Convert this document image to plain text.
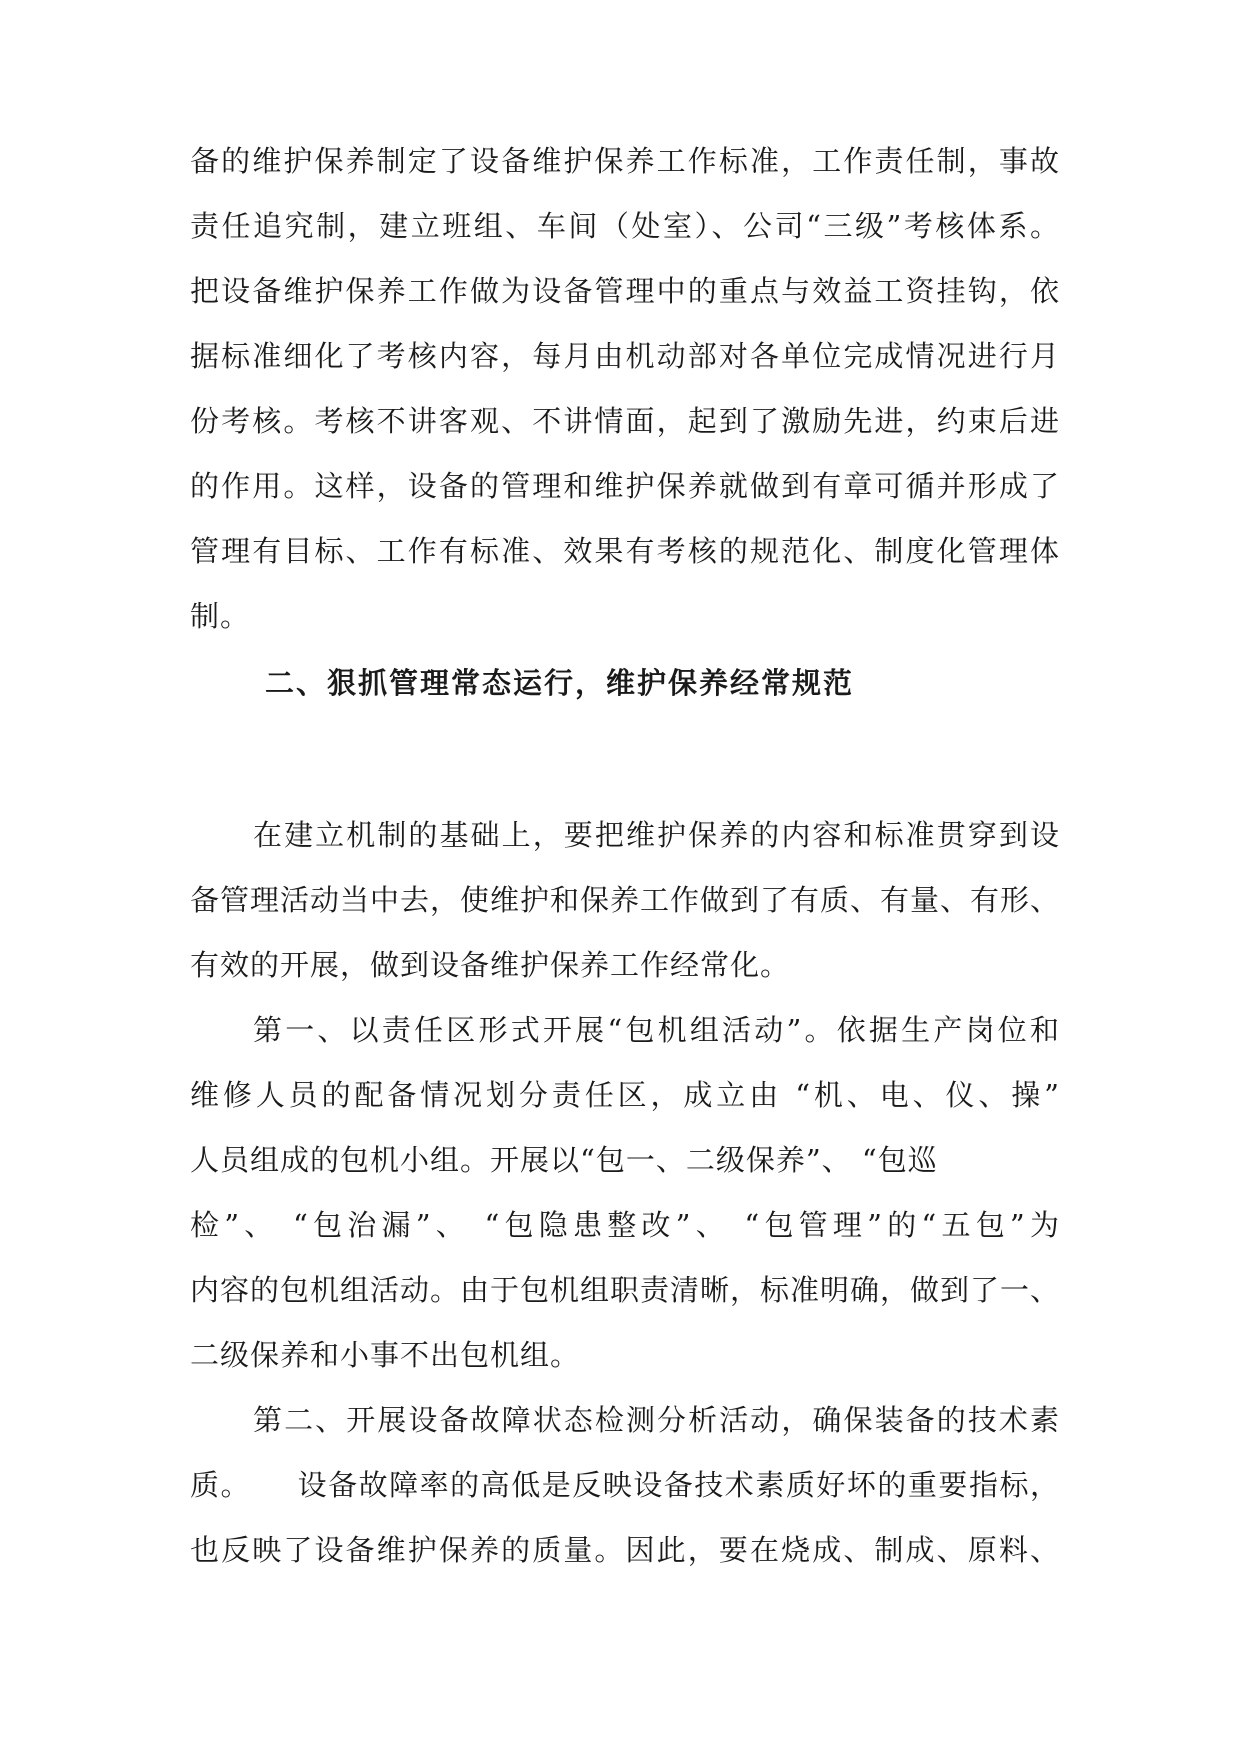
备的维护保养制定了设备维护保养工作标准，工作责任制，事故
责任追究制，建立班组、车间（处室）、公司“三级”考核体系。
把设备维护保养工作做为设备管理中的重点与效益工资挂钩，依
据标准细化了考核内容，每月由机动部对各单位完成情况进行月
份考核。考核不讲客观、不讲情面，起到了激励先进，约束后进
的作用。这样，设备的管理和维护保养就做到有章可循并形成了
管理有目标、工作有标准、效果有考核的规范化、制度化管理体
制。
二、狠抓管理常态运行，维护保养经常规范
在建立机制的基础上，要把维护保养的内容和标准贯穿到设
备管理活动当中去，使维护和保养工作做到了有质、有量、有形、
有效的开展，做到设备维护保养工作经常化。
第一、以责任区形式开展“包机组活动”。依据生产岗位和
维修人员的配备情况划分责任区，成立由 “机、电、仪、操”
人员组成的包机小组。开展以“包一、二级保养”、 “包巡
检”、 “包治漏”、 “包隐患整改”、 “包管理”的“五包”为
内容的包机组活动。由于包机组职责清晰，标准明确，做到了一、
二级保养和小事不出包机组。
第二、开展设备故障状态检测分析活动，确保装备的技术素
质。　　设备故障率的高低是反映设备技术素质好坏的重要指标，
也反映了设备维护保养的质量。因此，要在烧成、制成、原料、
